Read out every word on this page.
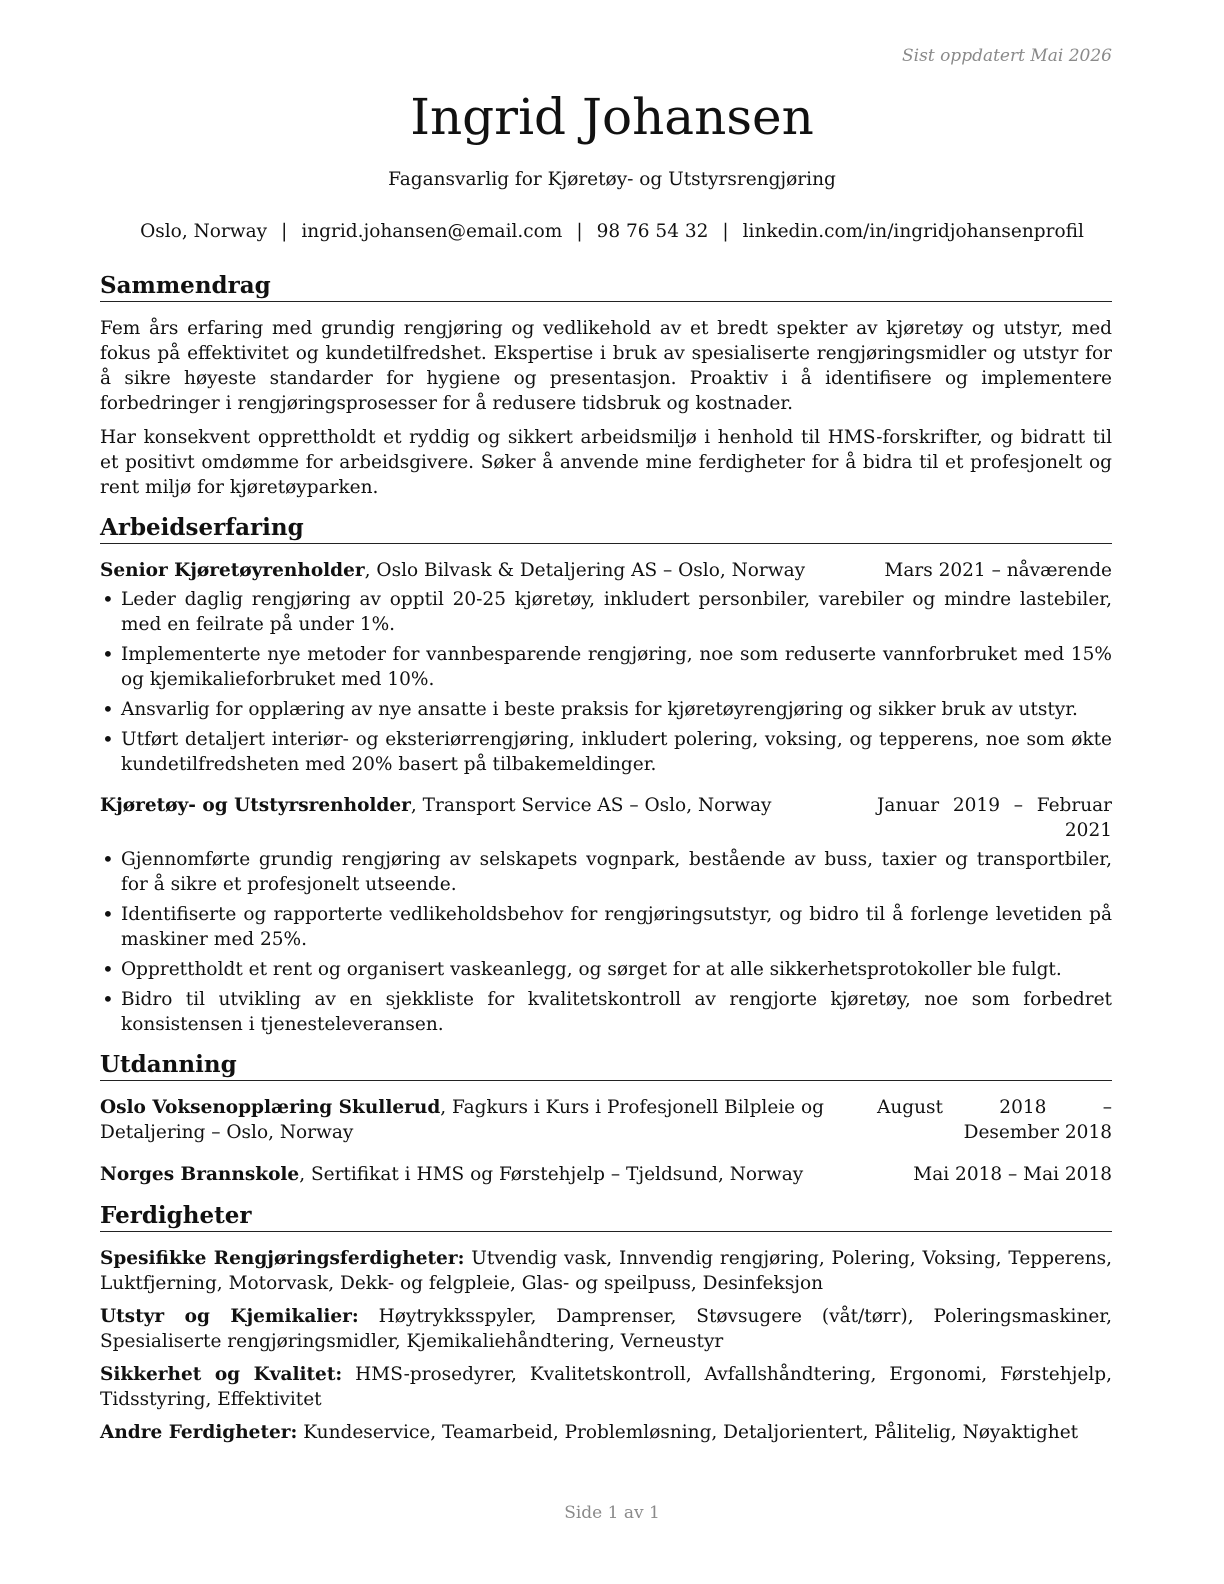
Sist oppdatert Mai 2026
Ingrid Johansen
Fagansvarlig for Kjøretøy- og Utstyrsrengjøring
Oslo, Norway | ingrid.johansen@email.com | 98 76 54 32 | linkedin.com/in/ingridjohansenprofil
Sammendrag

Fem års erfaring med grundig rengjøring og vedlikehold av et bredt spekter av kjøretøy og utstyr, med fokus på effektivitet og kundetilfredshet. Ekspertise i bruk av spesialiserte rengjøringsmidler og utstyr for å sikre høyeste standarder for hygiene og presentasjon. Proaktiv i å identifisere og implementere forbedringer i rengjøringsprosesser for å redusere tidsbruk og kostnader.

Har konsekvent opprettholdt et ryddig og sikkert arbeidsmiljø i henhold til HMS-forskrifter, og bidratt til et positivt omdømme for arbeidsgivere. Søker å anvende mine ferdigheter for å bidra til et profesjonelt og rent miljø for kjøretøyparken.

Arbeidserfaring
Senior Kjøretøyrenholder, Oslo Bilvask & Detaljering AS – Oslo, Norway	Mars 2021 – nåværende
• Leder daglig rengjøring av opptil 20-25 kjøretøy, inkludert personbiler, varebiler og mindre lastebiler, med en feilrate på under 1%.
• Implementerte nye metoder for vannbesparende rengjøring, noe som reduserte vannforbruket med 15% og kjemikalieforbruket med 10%.
• Ansvarlig for opplæring av nye ansatte i beste praksis for kjøretøyrengjøring og sikker bruk av utstyr.
• Utført detaljert interiør- og eksteriørrengjøring, inkludert polering, voksing, og tepperens, noe som økte kundetilfredsheten med 20% basert på tilbakemeldinger.
Kjøretøy- og Utstyrsrenholder, Transport Service AS – Oslo, Norway	Januar 2019 – Februar 2021
• Gjennomførte grundig rengjøring av selskapets vognpark, bestående av buss, taxier og transportbiler, for å sikre et profesjonelt utseende.
• Identifiserte og rapporterte vedlikeholdsbehov for rengjøringsutstyr, og bidro til å forlenge levetiden på maskiner med 25%.
• Opprettholdt et rent og organisert vaskeanlegg, og sørget for at alle sikkerhetsprotokoller ble fulgt.
• Bidro til utvikling av en sjekkliste for kvalitetskontroll av rengjorte kjøretøy, noe som forbedret konsistensen i tjenesteleveransen.
Utdanning
Oslo Voksenopplæring Skullerud, Fagkurs i Kurs i Profesjonell Bilpleie og Detaljering – Oslo, Norway
August 2018 – Desember 2018
Norges Brannskole, Sertifikat i HMS og Førstehjelp – Tjeldsund, Norway	Mai 2018 – Mai 2018
Ferdigheter

Spesifikke Rengjøringsferdigheter: Utvendig vask, Innvendig rengjøring, Polering, Voksing, Tepperens, Luktfjerning, Motorvask, Dekk- og felgpleie, Glas- og speilpuss, Desinfeksjon

Utstyr og Kjemikalier: Høytrykksspyler, Damprenser, Støvsugere (våt/tørr), Poleringsmaskiner, Spesialiserte rengjøringsmidler, Kjemikaliehåndtering, Verneustyr

Sikkerhet og Kvalitet: HMS-prosedyrer, Kvalitetskontroll, Avfallshåndtering, Ergonomi, Førstehjelp, Tidsstyring, Effektivitet

Andre Ferdigheter: Kundeservice, Teamarbeid, Problemløsning, Detaljorientert, Pålitelig, Nøyaktighet

Side 1 av 1
